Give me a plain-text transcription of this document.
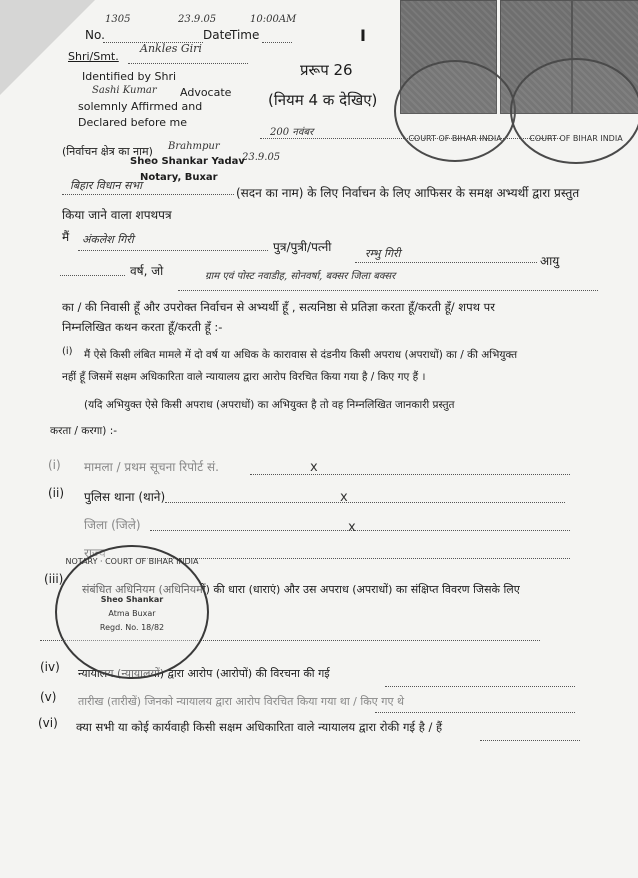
COURT OF BIHAR INDIA	COURT OF BIHAR INDIA
No.
1305
Date
23.9.05
Time
10:00AM
I
प्ररूप 26
(नियम 4 क देखिए)
Shri/Smt.
Ankles Giri
Identified by Shri
Sashi Kumar Advocate
solemnly Affirmed and
Declared before me
200 नवंबर
(निर्वाचन क्षेत्र का नाम) Brahmpur
23.9.05
Sheo Shankar Yadav
Notary, Buxar
बिहार विधान सभा
(सदन का नाम) के लिए निर्वाचन के लिए आफिसर के समक्ष अभ्यर्थी द्वारा प्रस्तुत
किया जाने वाला शपथपत्र
मैं अंकलेश गिरी
पुत्र/पुत्री/पत्नी	रम्भु गिरी
आयु
वर्ष, जो	ग्राम एवं पोस्ट नवाडीह, सोनवर्षा, बक्सर जिला बक्सर
का / की निवासी हूँ और उपरोक्त निर्वाचन से अभ्यर्थी हूँ , सत्यनिष्ठा से प्रतिज्ञा करता हूँ/करती हूँ/ शपथ पर
निम्नलिखित कथन करता हूँ/करती हूँ :-
(i) मैं ऐसे किसी लंबित मामले में दो वर्ष या अधिक के कारावास से दंडनीय किसी अपराध (अपराधों) का / की अभियुक्त
नहीं हूँ जिसमें सक्षम अधिकारिता वाले न्यायालय द्वारा आरोप विरचित किया गया है / किए गए हैं ।
(यदि अभियुक्त ऐसे किसी अपराध (अपराधों) का अभियुक्त है तो वह निम्नलिखित जानकारी प्रस्तुत
करता / करगा) :-
(i) मामला / प्रथम सूचना रिपोर्ट सं.	x
(ii) पुलिस थाना (थाने)	x
जिला (जिले)	x
राज्य
(iii)
संबंधित अधिनियम (अधिनियमों) की धारा (धाराएं) और उस अपराध (अपराधों) का संक्षिप्त विवरण जिसके लिए
(iv) न्यायालय (न्यायालयों) द्वारा आरोप (आरोपों) की विरचना की गई
(v) तारीख (तारीखें) जिनको न्यायालय द्वारा आरोप विरचित किया गया था / किए गए थे
(vi) क्या सभी या कोई कार्यवाही किसी सक्षम अधिकारिता वाले न्यायालय द्वारा रोकी गई है / हैं
NOTARY · COURT OF BIHAR INDIA
Sheo Shankar
Atma Buxar
Regd. No. 18/82
